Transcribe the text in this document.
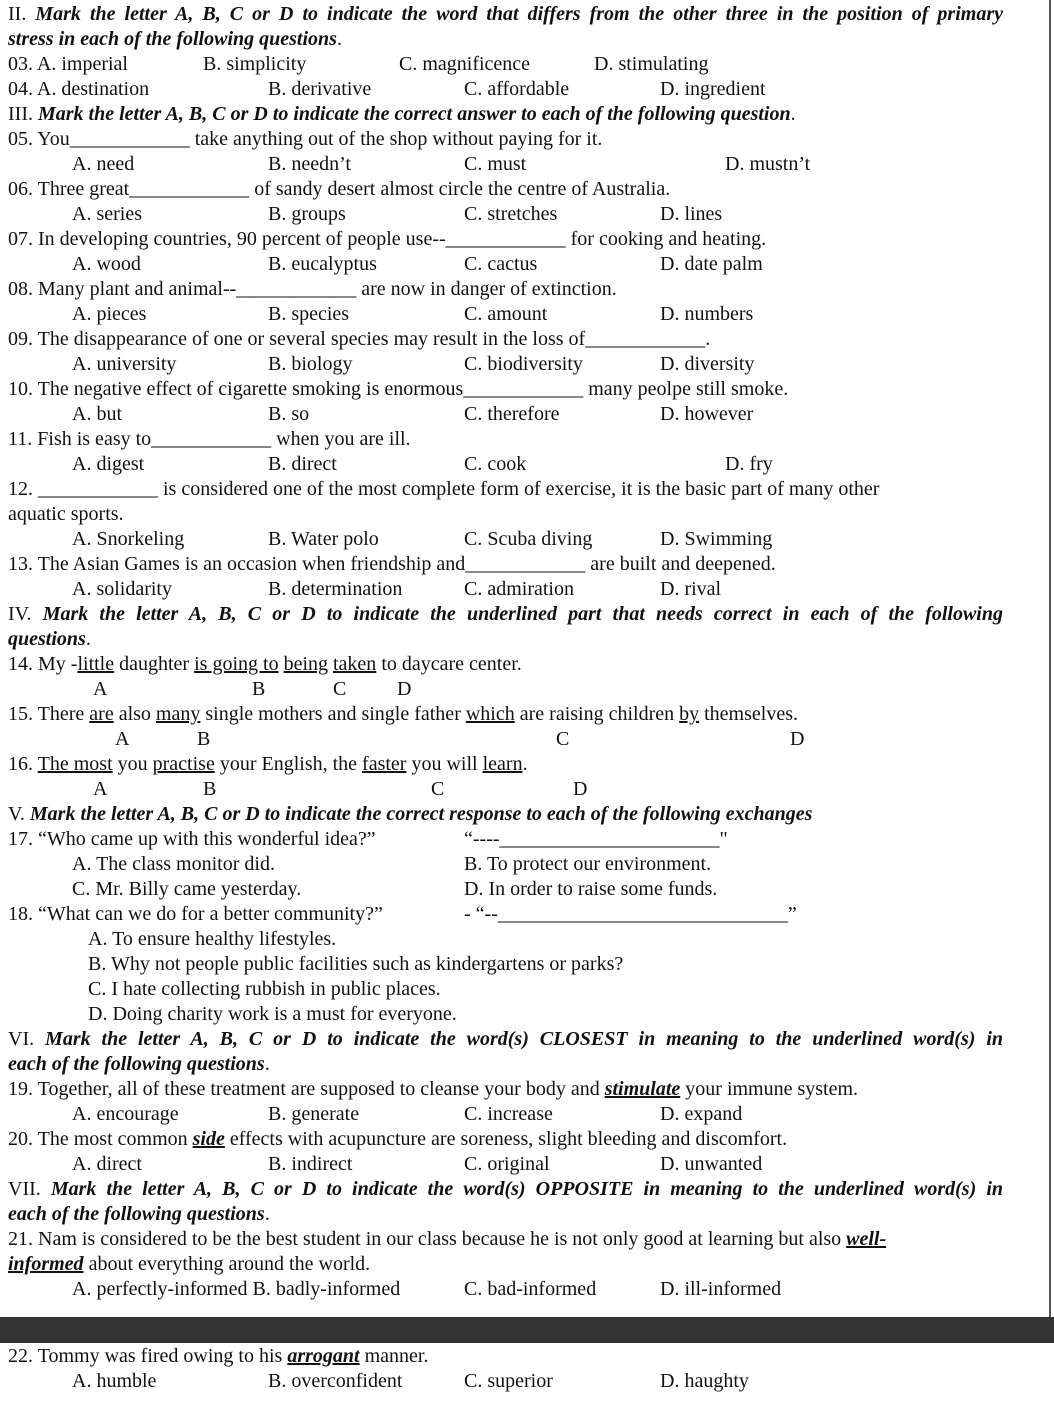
II. Mark the letter A, B, C or D to indicate the word that differs from the other three in the position of primary
stress in each of the following questions.
03. A. imperial	B. simplicity	C. magnificence	D. stimulating
04. A. destination	B. derivative	C. affordable	D. ingredient
III. Mark the letter A, B, C or D to indicate the correct answer to each of the following question.
05. You____________ take anything out of the shop without paying for it.
A. need	B. needn’t	C. must	D. mustn’t
06. Three great____________ of sandy desert almost circle the centre of Australia.
A. series	B. groups	C. stretches	D. lines
07. In developing countries, 90 percent of people use--____________ for cooking and heating.
A. wood	B. eucalyptus	C. cactus	D. date palm
08. Many plant and animal--____________ are now in danger of extinction.
A. pieces	B. species	C. amount	D. numbers
09. The disappearance of one or several species may result in the loss of____________.
A. university	B. biology	C. biodiversity	D. diversity
10. The negative effect of cigarette smoking is enormous____________ many peolpe still smoke.
A. but	B. so	C. therefore	D. however
11. Fish is easy to____________ when you are ill.
A. digest	B. direct	C. cook	D. fry
12. ____________ is considered one of the most complete form of exercise, it is the basic part of many other
aquatic sports.
A. Snorkeling	B. Water polo	C. Scuba diving	D. Swimming
13. The Asian Games is an occasion when friendship and____________ are built and deepened.
A. solidarity	B. determination	C. admiration	D. rival
IV. Mark the letter A, B, C or D to indicate the underlined part that needs correct in each of the following
questions.
14. My -little daughter is going to being taken to daycare center.
A	B	C	D
15. There are also many single mothers and single father which are raising children by themselves.
A	B	C	D
16. The most you practise your English, the faster you will learn.
A	B	C	D
V. Mark the letter A, B, C or D to indicate the correct response to each of the following exchanges
17. “Who came up with this wonderful idea?”	“----______________________"
A. The class monitor did.	B. To protect our environment.
C. Mr. Billy came yesterday.	D. In order to raise some funds.
18. “What can we do for a better community?”	- “--_____________________________”
A. To ensure healthy lifestyles.
B. Why not people public facilities such as kindergartens or parks?
C. I hate collecting rubbish in public places.
D. Doing charity work is a must for everyone.
VI. Mark the letter A, B, C or D to indicate the word(s) CLOSEST in meaning to the underlined word(s) in
each of the following questions.
19. Together, all of these treatment are supposed to cleanse your body and stimulate your immune system.
A. encourage	B. generate	C. increase	D. expand
20. The most common side effects with acupuncture are soreness, slight bleeding and discomfort.
A. direct	B. indirect	C. original	D. unwanted
VII. Mark the letter A, B, C or D to indicate the word(s) OPPOSITE in meaning to the underlined word(s) in
each of the following questions.
21. Nam is considered to be the best student in our class because he is not only good at learning but also well-
informed about everything around the world.
A. perfectly-informed B. badly-informed	C. bad-informed	D. ill-informed
22. Tommy was fired owing to his arrogant manner.
A. humble	B. overconfident	C. superior	D. haughty
